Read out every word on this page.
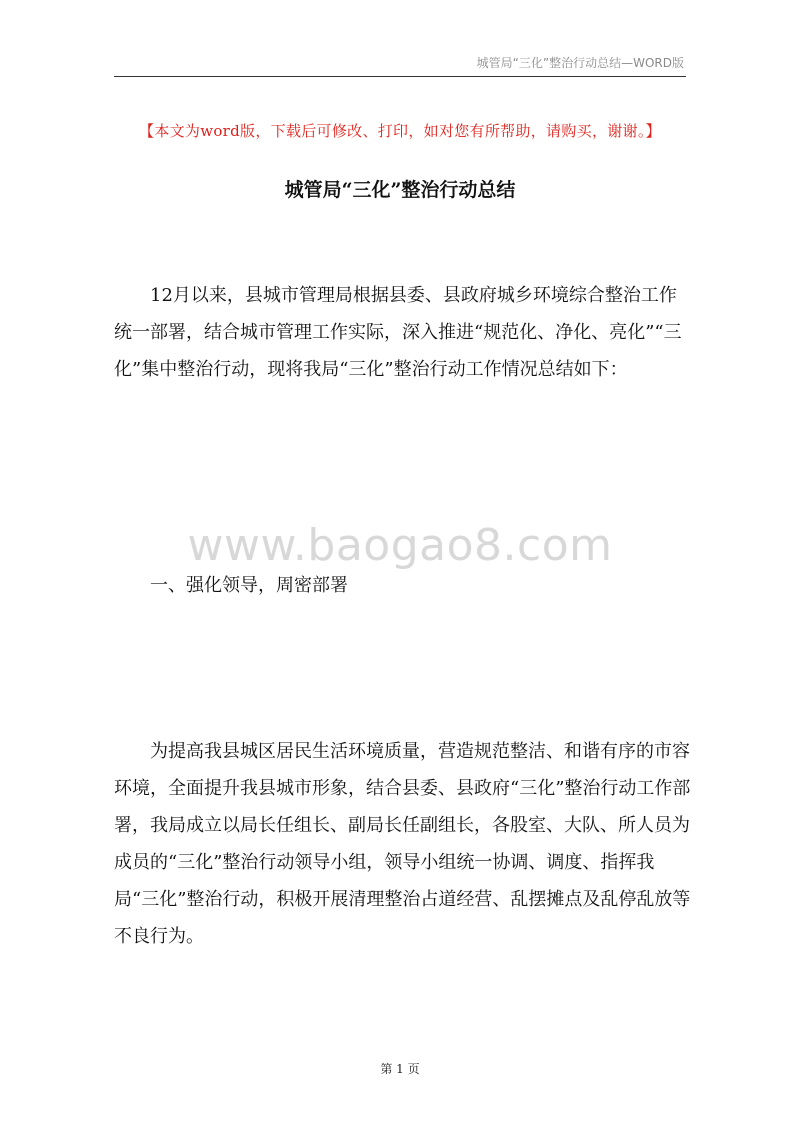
城管局“三化”整治行动总结—WORD版
【本文为word版，下载后可修改、打印，如对您有所帮助，请购买，谢谢。】
城管局“三化”整治行动总结

12月以来，县城市管理局根据县委、县政府城乡环境综合整治工作统一部署，结合城市管理工作实际，深入推进“规范化、净化、亮化”“三化”集中整治行动，现将我局“三化”整治行动工作情况总结如下：

www.baogao8.com

一、强化领导，周密部署

为提高我县城区居民生活环境质量，营造规范整洁、和谐有序的市容环境，全面提升我县城市形象，结合县委、县政府“三化”整治行动工作部署，我局成立以局长任组长、副局长任副组长，各股室、大队、所人员为成员的“三化”整治行动领导小组，领导小组统一协调、调度、指挥我局“三化”整治行动，积极开展清理整治占道经营、乱摆摊点及乱停乱放等不良行为。

第 1 页
